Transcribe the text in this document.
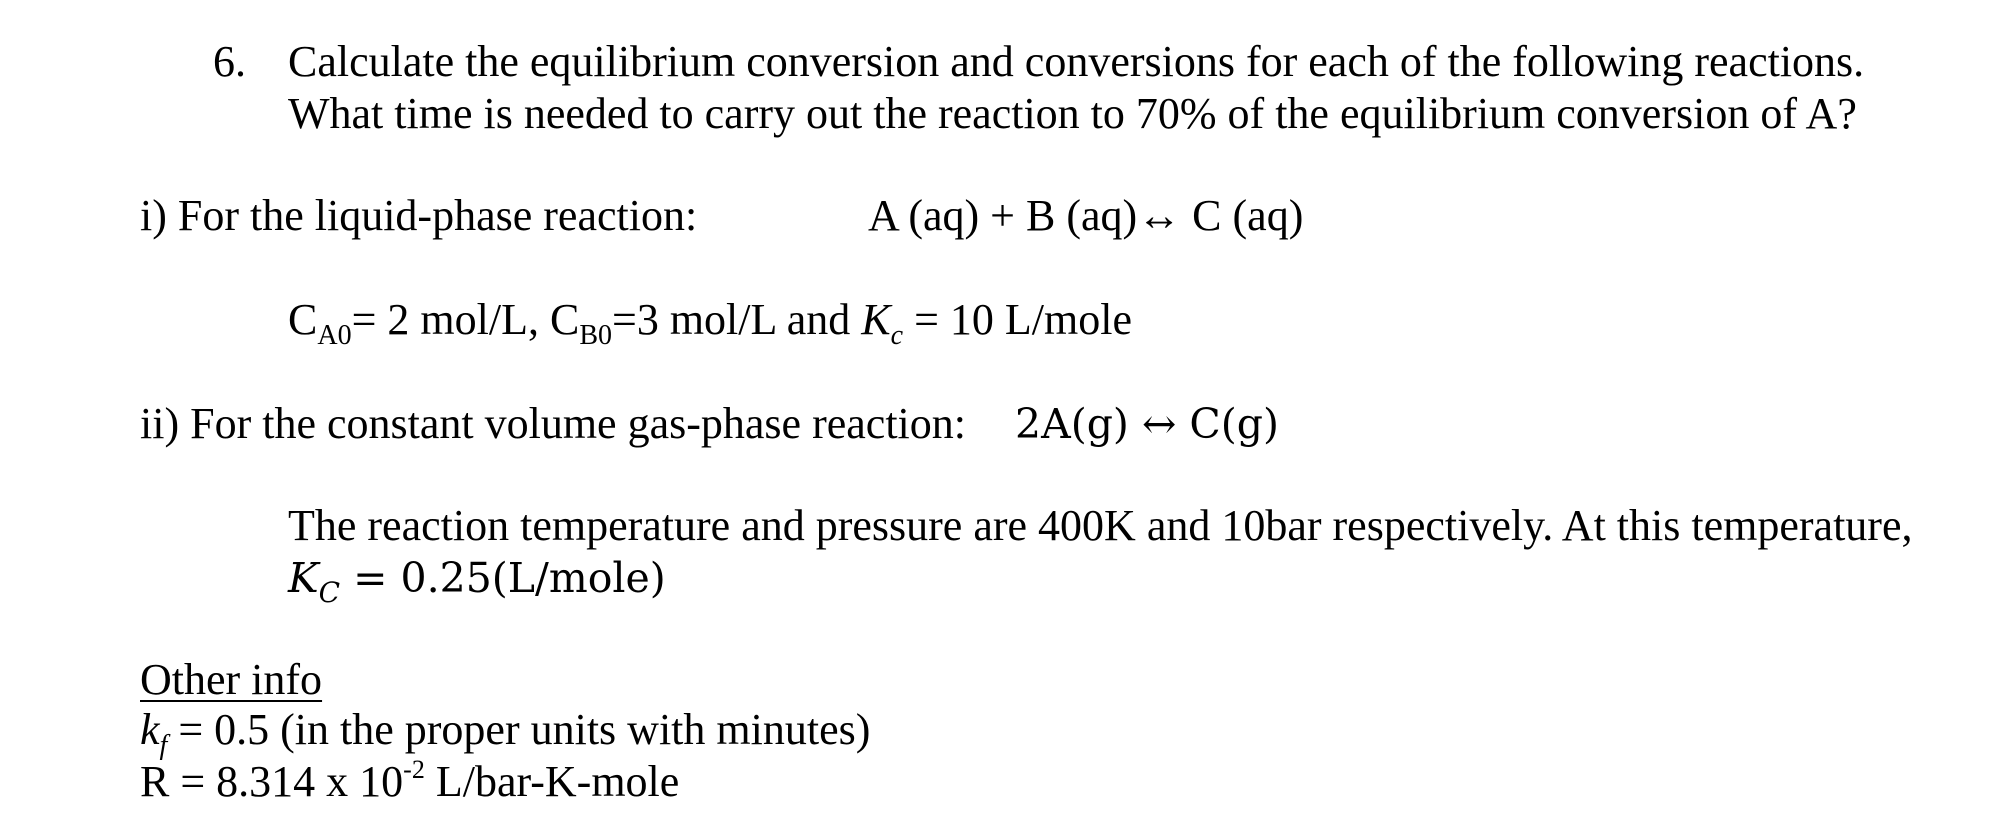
6. Calculate the equilibrium conversion and conversions for each of the following reactions.
What time is needed to carry out the reaction to 70% of the equilibrium conversion of A?
i) For the liquid-phase reaction:	A (aq) + B (aq)↔ C (aq)
$C_{A0}= 2$ mol/L, $C_{B0}=3$ mol/L and $K_c = 10$ L/mole
ii) For the constant volume gas-phase reaction: 2A(g) ↔ C(g)
The reaction temperature and pressure are 400K and 10bar respectively. At this temperature,
$K_C$ = 0.25(L/mole)
Other info
$k_f = 0.5$ (in the proper units with minutes)
R = 8.314 x $10^{-2}$ L/bar-K-mole
